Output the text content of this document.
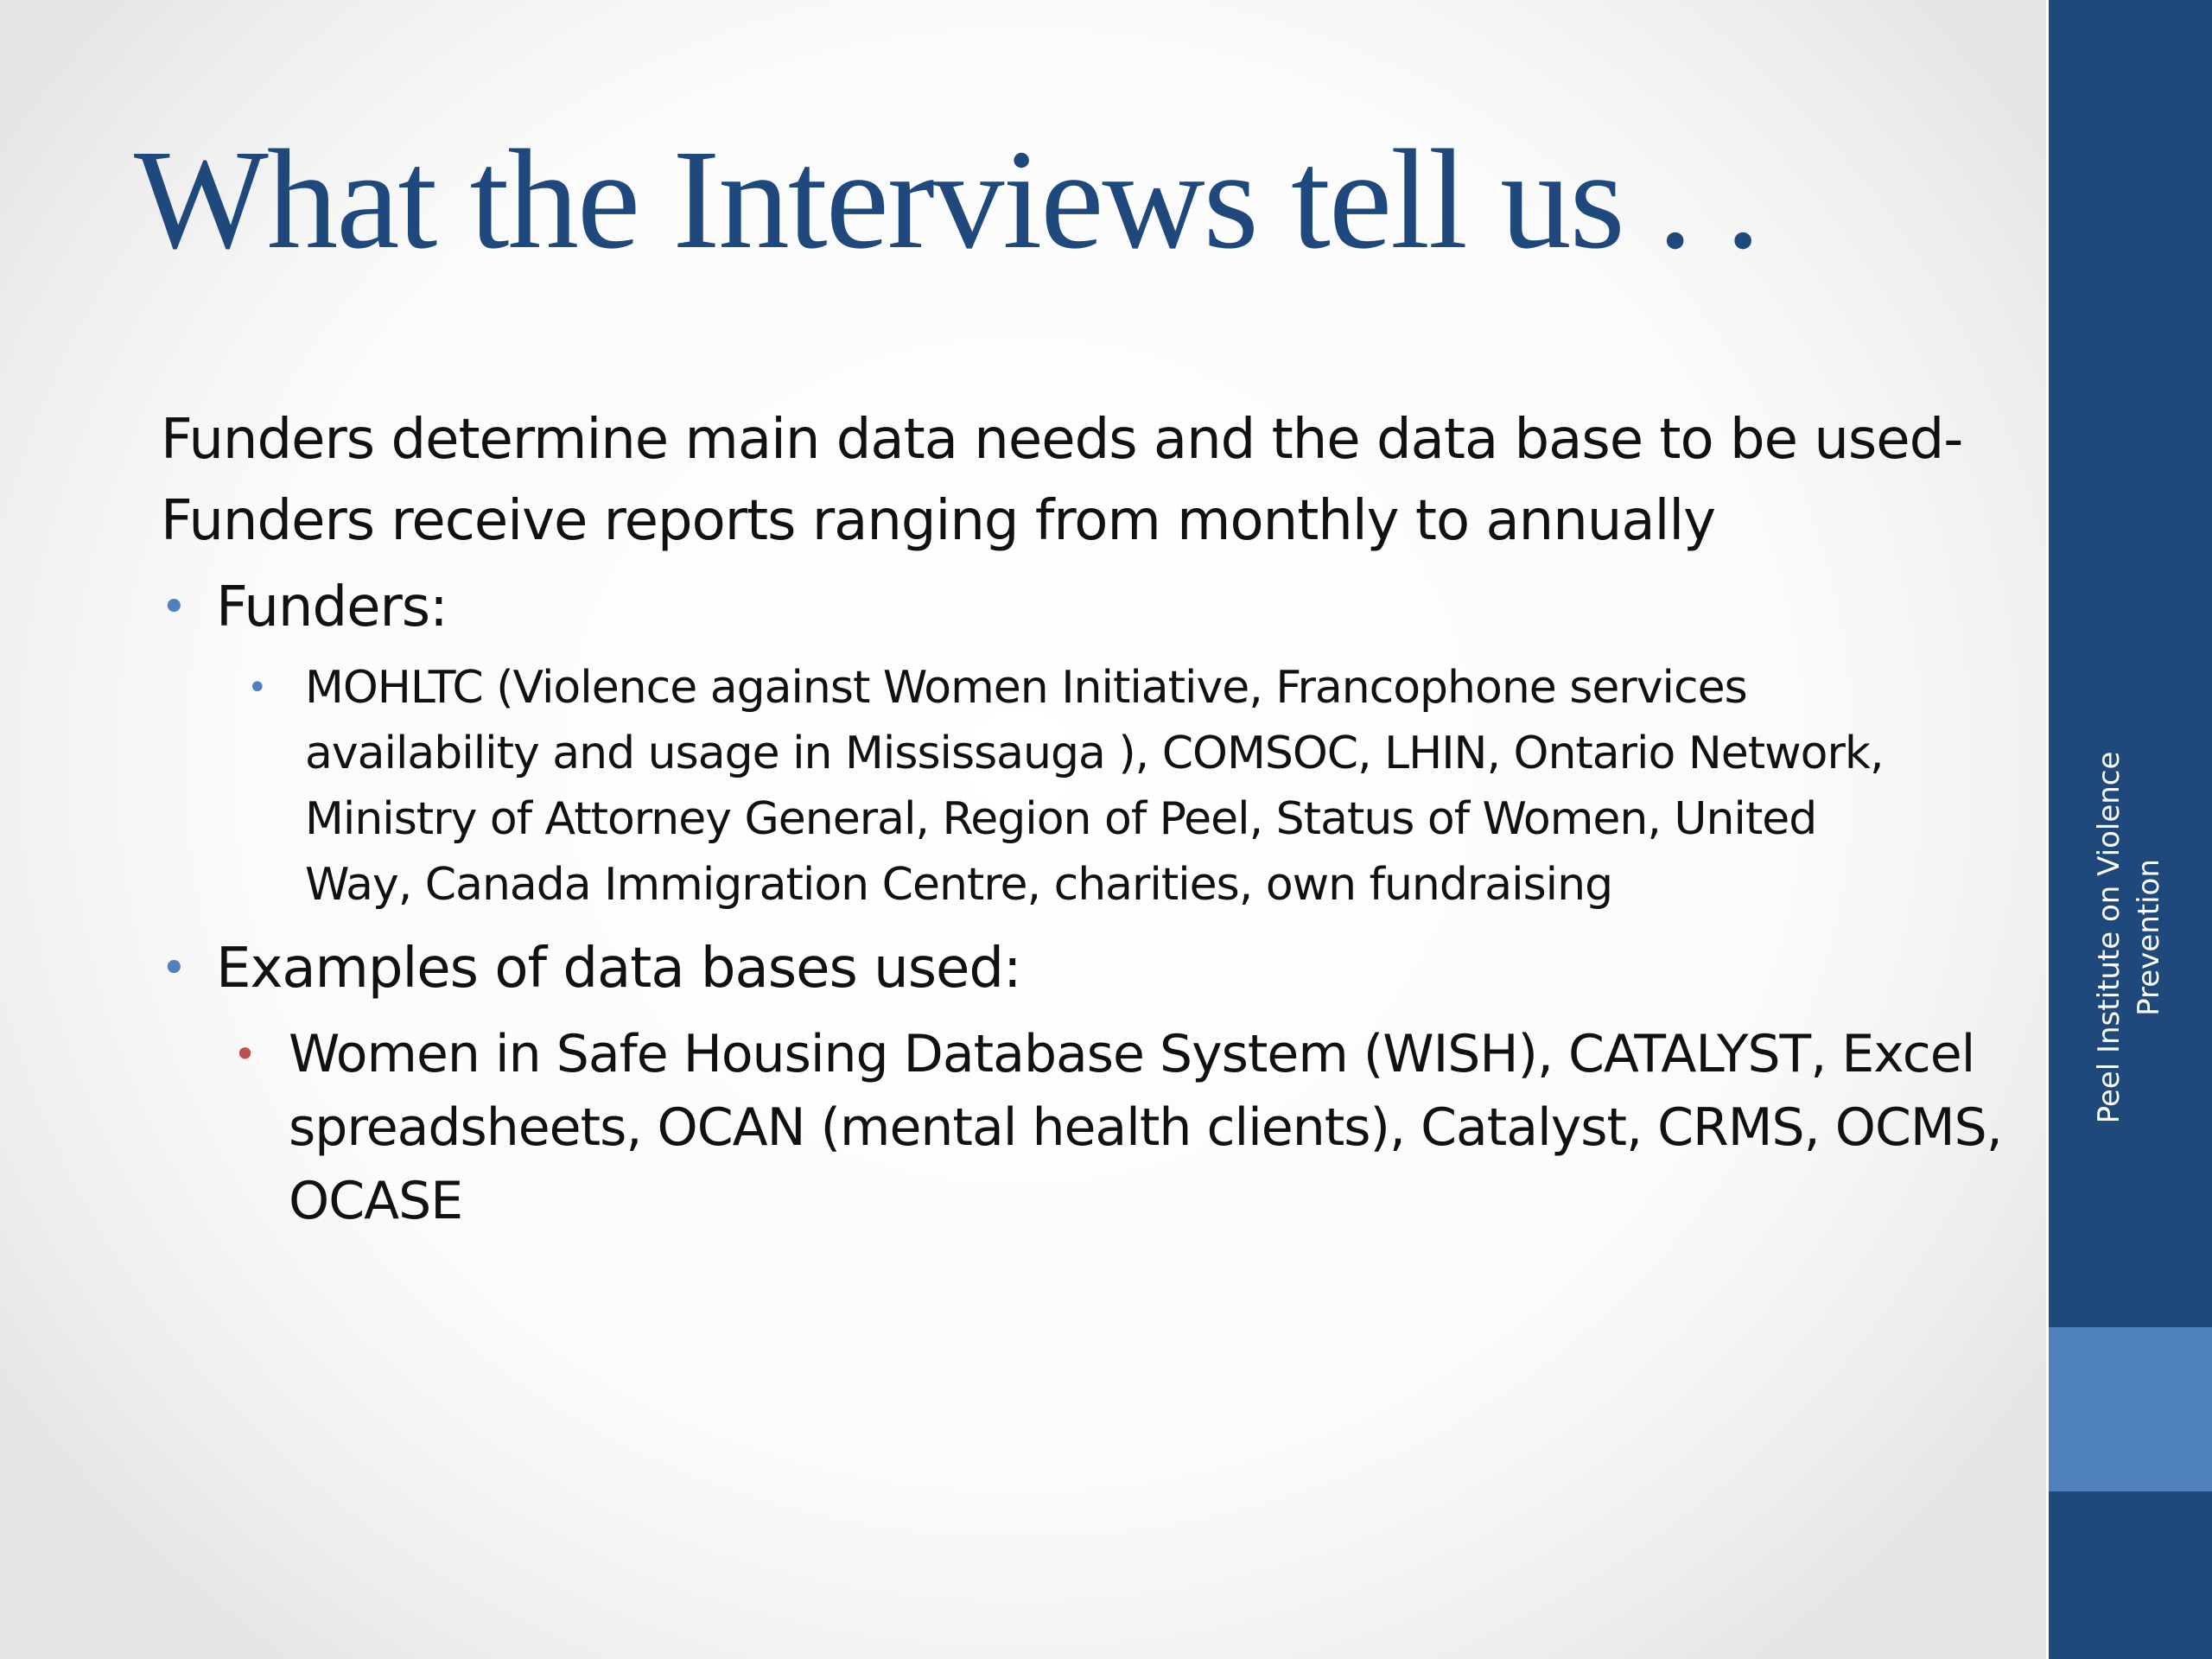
What the Interviews tell us . .
Funders determine main data needs and the data base to be used-
Funders receive reports ranging from monthly to annually
• Funders:
• MOHLTC (Violence against Women Initiative, Francophone services
availability and usage in Mississauga ), COMSOC, LHIN, Ontario Network,
Ministry of Attorney General, Region of Peel, Status of Women, United
Way, Canada Immigration Centre, charities, own fundraising
• Examples of data bases used:
• Women in Safe Housing Database System (WISH), CATALYST, Excel
spreadsheets, OCAN (mental health clients), Catalyst, CRMS, OCMS,
OCASE
Peel Institute on Violence Prevention
